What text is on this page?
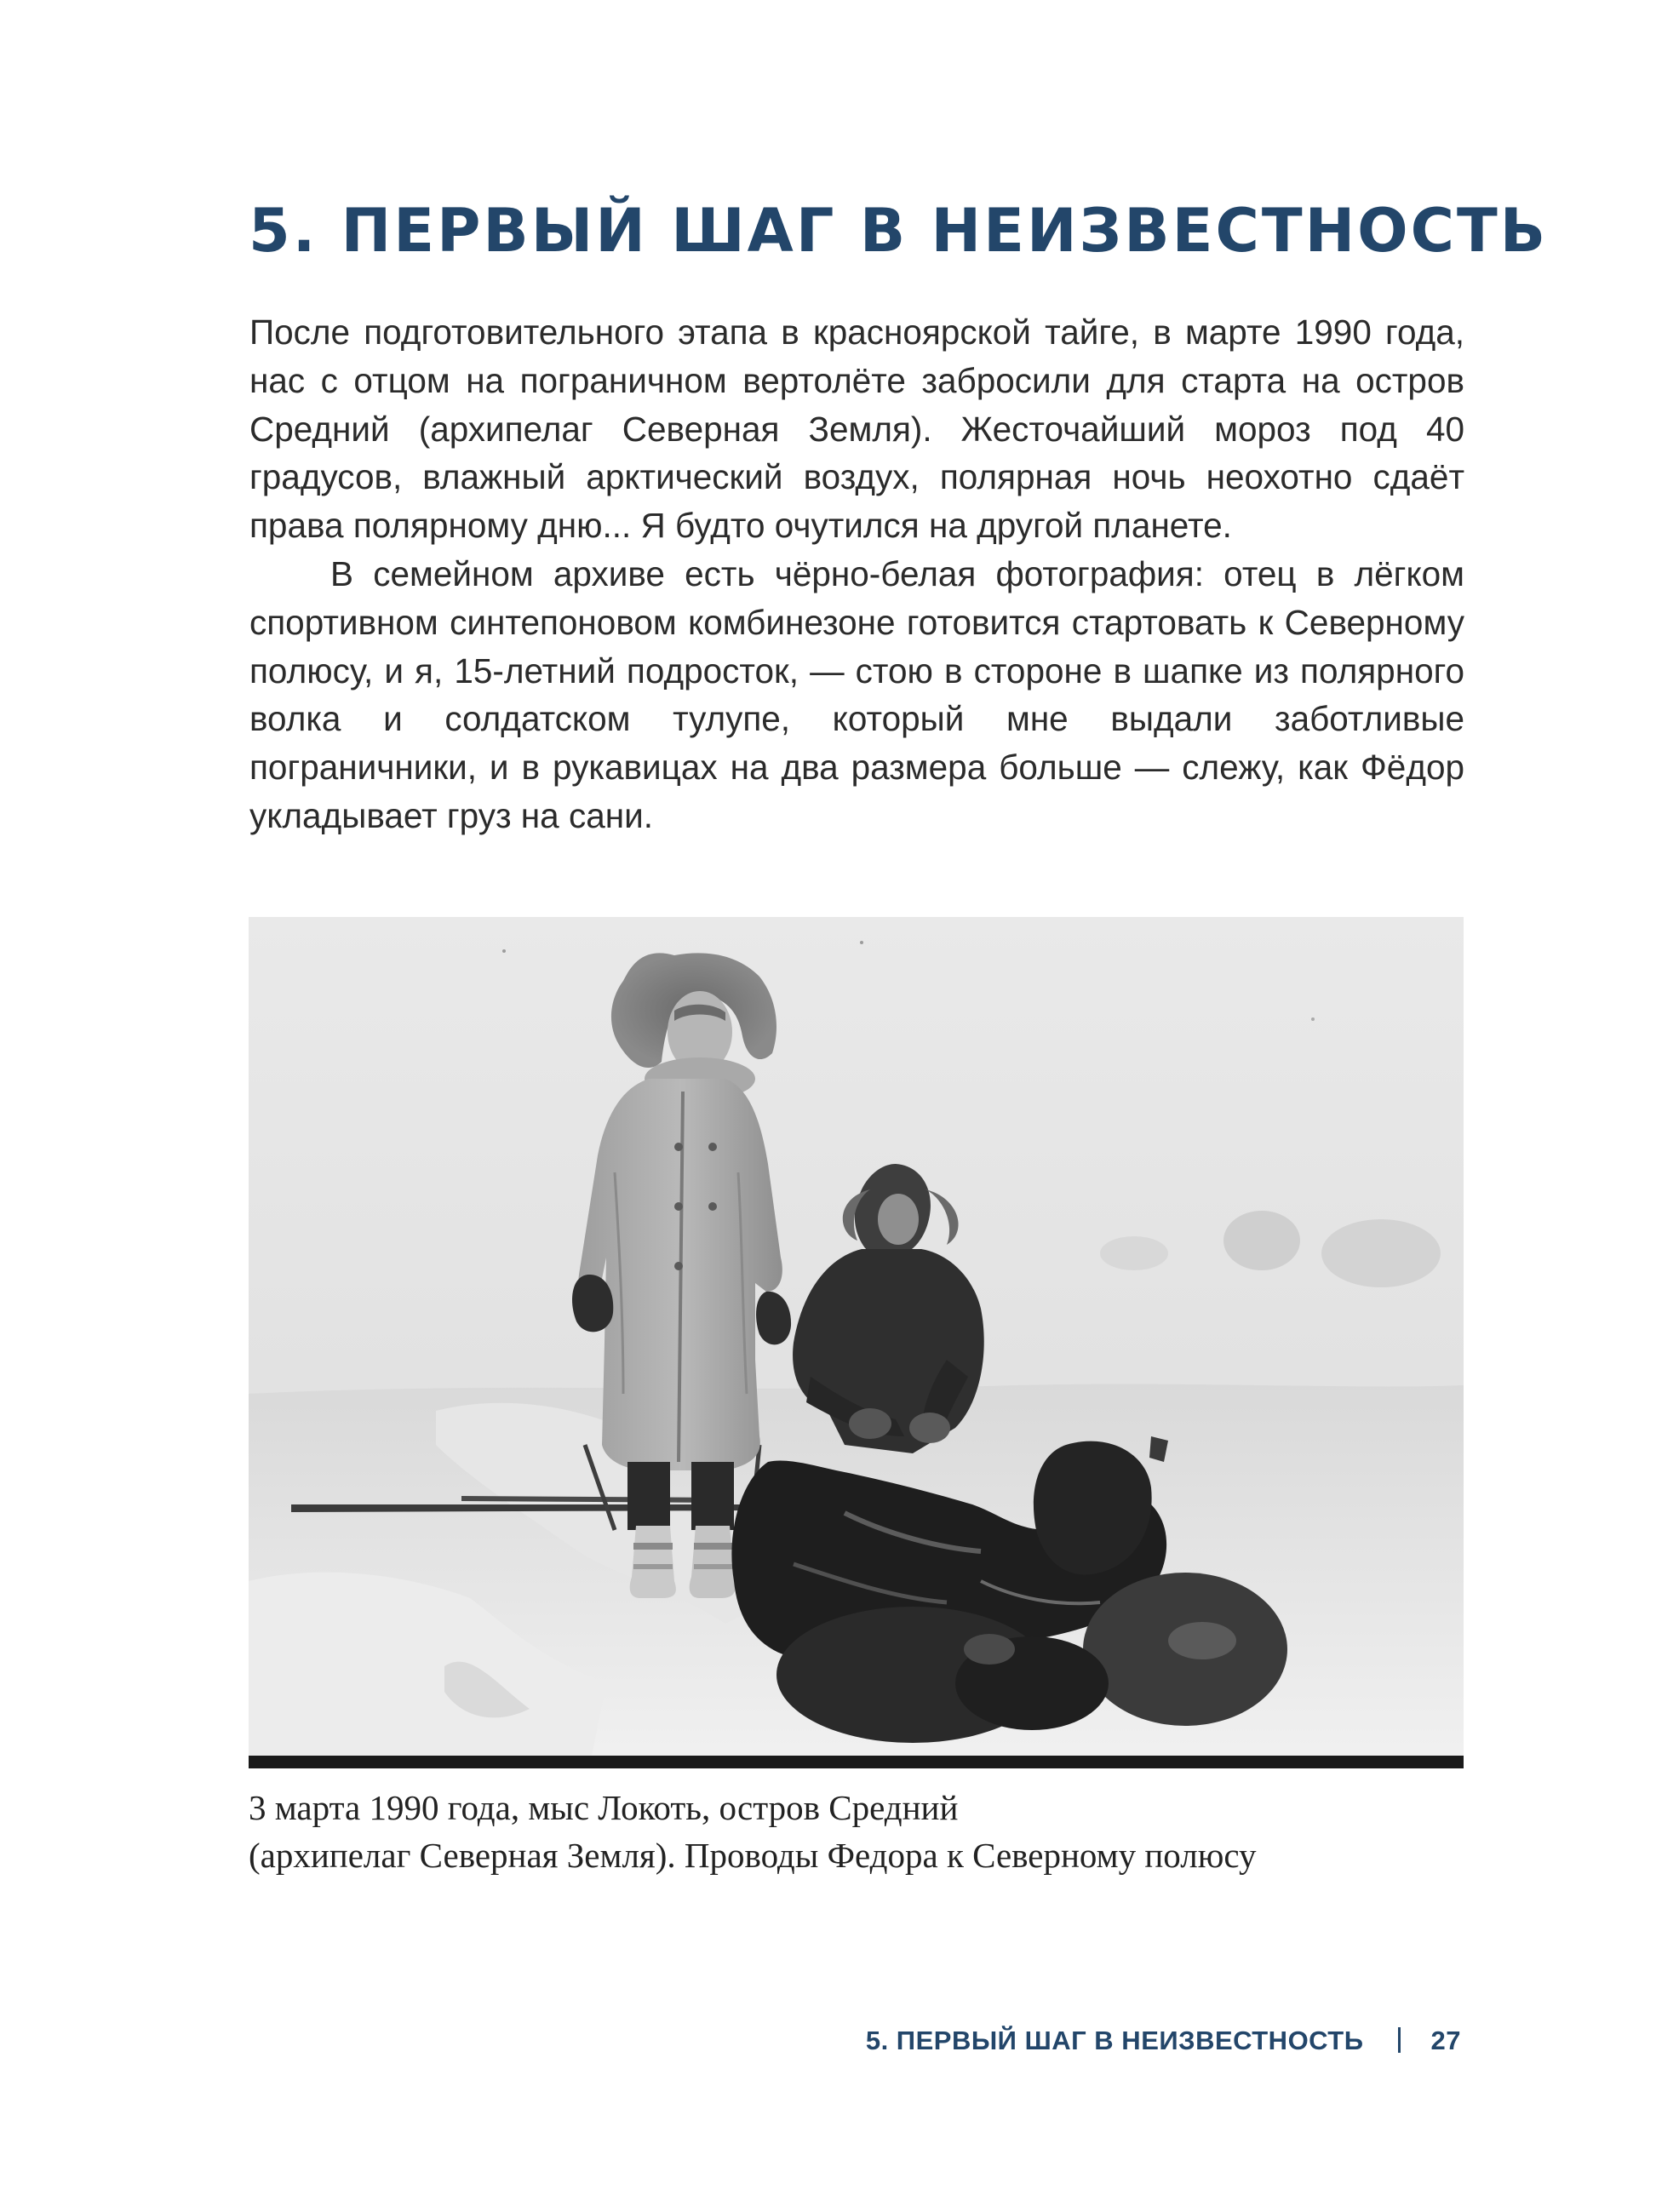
5. ПЕРВЫЙ ШАГ В НЕИЗВЕСТНОСТЬ

После подготовительного этапа в красноярской тайге, в марте 1990 года, нас с отцом на пограничном вертолёте забросили для старта на остров Средний (архипелаг Северная Земля). Жесточайший мороз под 40 градусов, влажный арктический воздух, полярная ночь неохотно сдаёт права полярному дню... Я будто очутился на другой планете.

В семейном архиве есть чёрно-белая фотография: отец в лёгком спортивном синтепоновом комбинезоне готовится стартовать к Северному полюсу, и я, 15-летний подросток, — стою в стороне в шапке из полярного волка и солдатском тулупе, который мне выдали заботливые пограничники, и в рукавицах на два размера больше — слежу, как Фёдор укладывает груз на сани.

3 марта 1990 года, мыс Локоть, остров Средний
(архипелаг Северная Земля). Проводы Федора к Северному полюсу
5. ПЕРВЫЙ ШАГ В НЕИЗВЕСТНОСТЬ	27
